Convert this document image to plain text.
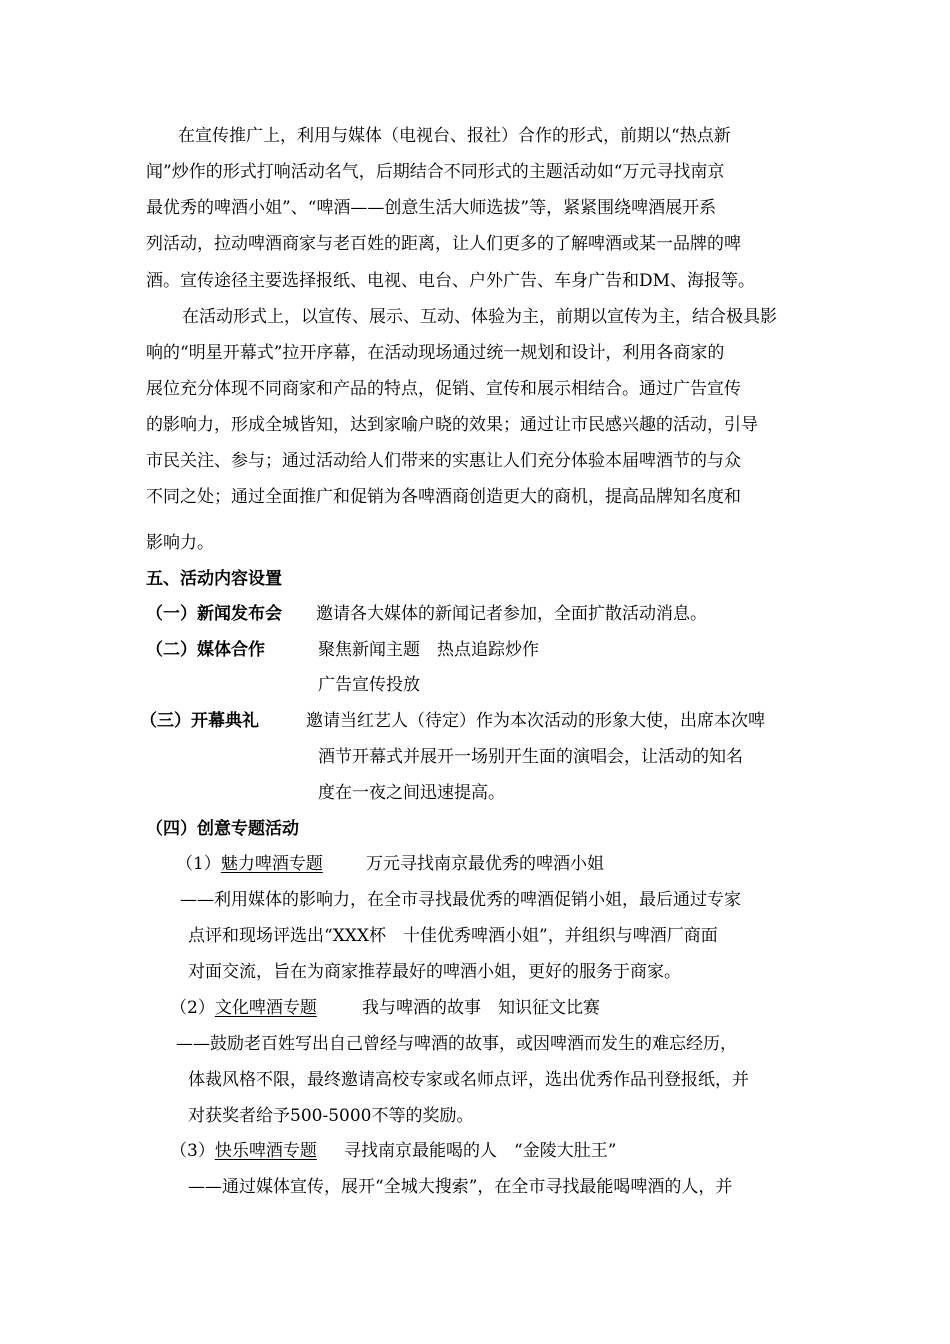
在宣传推广上，利用与媒体（电视台、报社）合作的形式，前期以“热点新
闻”炒作的形式打响活动名气，后期结合不同形式的主题活动如“万元寻找南京
最优秀的啤酒小姐”、“啤酒——创意生活大师选拔”等，紧紧围绕啤酒展开系
列活动，拉动啤酒商家与老百姓的距离，让人们更多的了解啤酒或某一品牌的啤
酒。宣传途径主要选择报纸、电视、电台、户外广告、车身广告和DM、海报等。
在活动形式上，以宣传、展示、互动、体验为主，前期以宣传为主，结合极具影
响的“明星开幕式”拉开序幕，在活动现场通过统一规划和设计，利用各商家的
展位充分体现不同商家和产品的特点，促销、宣传和展示相结合。通过广告宣传
的影响力，形成全城皆知，达到家喻户晓的效果；通过让市民感兴趣的活动，引导
市民关注、参与；通过活动给人们带来的实惠让人们充分体验本届啤酒节的与众
不同之处；通过全面推广和促销为各啤酒商创造更大的商机，提高品牌知名度和
影响力。
五、活动内容设置
（一）新闻发布会 邀请各大媒体的新闻记者参加，全面扩散活动消息。
（二）媒体合作	聚焦新闻主题　热点追踪炒作
广告宣传投放
（三）开幕典礼	邀请当红艺人（待定）作为本次活动的形象大使，出席本次啤
酒节开幕式并展开一场别开生面的演唱会，让活动的知名
度在一夜之间迅速提高。
（四）创意专题活动
（1）魅力啤酒专题	万元寻找南京最优秀的啤酒小姐
——利用媒体的影响力，在全市寻找最优秀的啤酒促销小姐，最后通过专家
点评和现场评选出“XXX杯　十佳优秀啤酒小姐”，并组织与啤酒厂商面
对面交流，旨在为商家推荐最好的啤酒小姐，更好的服务于商家。
（2）文化啤酒专题	我与啤酒的故事　知识征文比赛
——鼓励老百姓写出自己曾经与啤酒的故事，或因啤酒而发生的难忘经历，
体裁风格不限，最终邀请高校专家或名师点评，选出优秀作品刊登报纸，并
对获奖者给予500-5000不等的奖励。
（3）快乐啤酒专题 寻找南京最能喝的人　“金陵大肚王”
——通过媒体宣传，展开“全城大搜索”，在全市寻找最能喝啤酒的人，并
